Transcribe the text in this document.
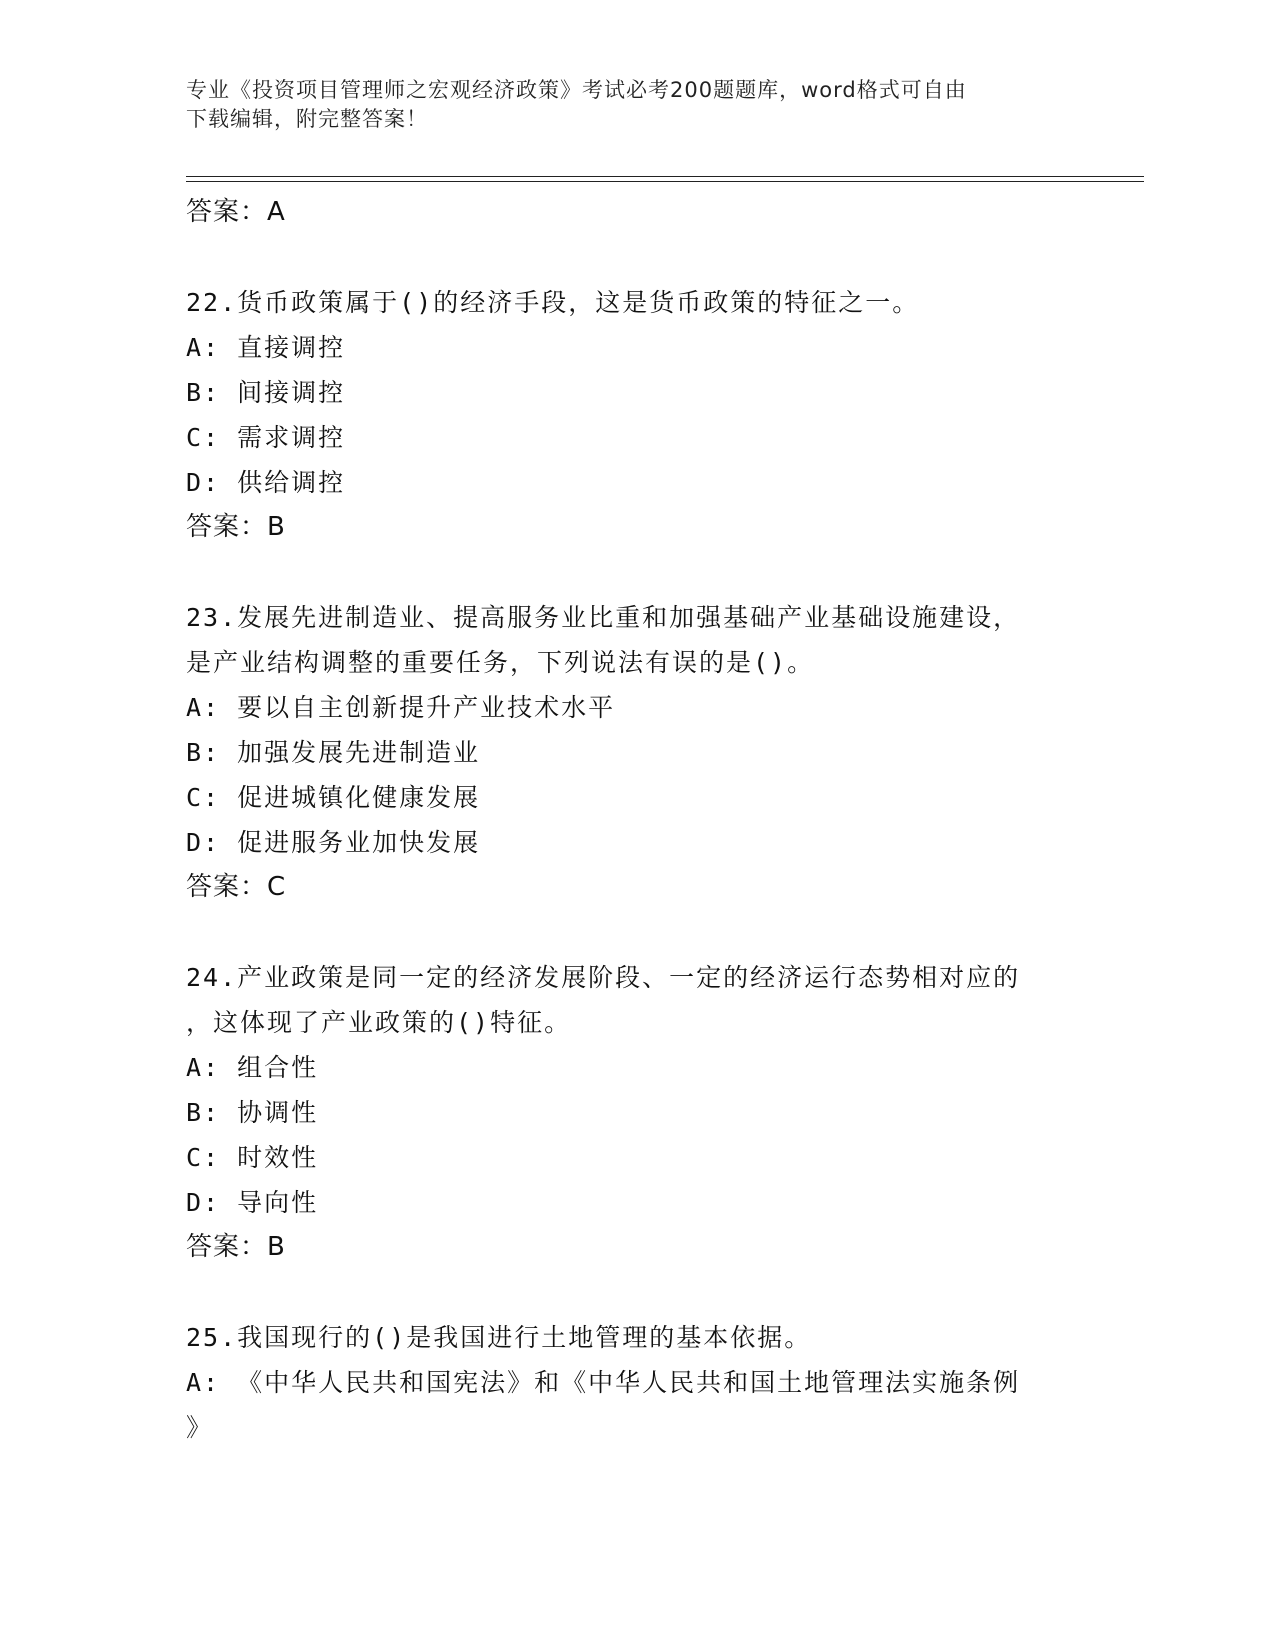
专业《投资项目管理师之宏观经济政策》考试必考200题题库，word格式可自由
下载编辑，附完整答案！
答案：A
22.货币政策属于()的经济手段，这是货币政策的特征之一。
A: 直接调控
B: 间接调控
C: 需求调控
D: 供给调控
答案：B
23.发展先进制造业、提高服务业比重和加强基础产业基础设施建设，
是产业结构调整的重要任务，下列说法有误的是()。
A: 要以自主创新提升产业技术水平
B: 加强发展先进制造业
C: 促进城镇化健康发展
D: 促进服务业加快发展
答案：C
24.产业政策是同一定的经济发展阶段、一定的经济运行态势相对应的
，这体现了产业政策的()特征。
A: 组合性
B: 协调性
C: 时效性
D: 导向性
答案：B
25.我国现行的()是我国进行土地管理的基本依据。
A: 《中华人民共和国宪法》和《中华人民共和国土地管理法实施条例
》
